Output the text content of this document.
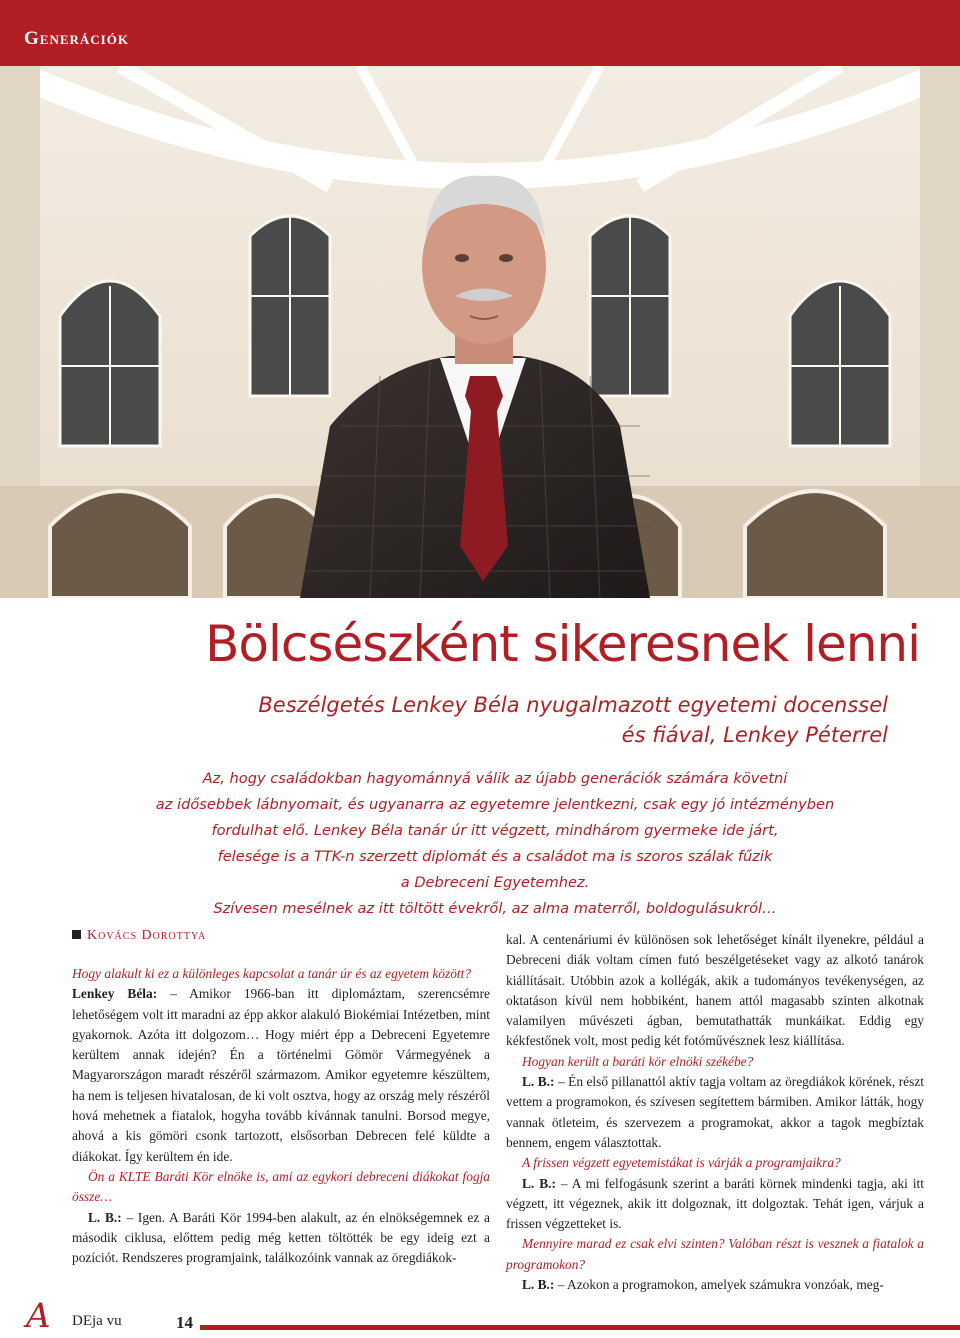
Generációk
Bölcsészként sikeresnek lenni
Beszélgetés Lenkey Béla nyugalmazott egyetemi docenssel
és fiával, Lenkey Péterrel
Az, hogy családokban hagyománnyá válik az újabb generációk számára követni
az idősebbek lábnyomait, és ugyanarra az egyetemre jelentkezni, csak egy jó intézményben
fordulhat elő. Lenkey Béla tanár úr itt végzett, mindhárom gyermeke ide járt,
felesége is a TTK-n szerzett diplomát és a családot ma is szoros szálak fűzik
a Debreceni Egyetemhez.
Szívesen mesélnek az itt töltött évekről, az alma materről, boldogulásukról…
Kovács Dorottya

Hogy alakult ki ez a különleges kapcsolat a tanár úr és az egyetem között?

Lenkey Béla: – Amikor 1966-ban itt diplomáztam, szerencsémre lehetőségem volt itt maradni az épp akkor alakuló Biokémiai Intézetben, mint gyakornok. Azóta itt dolgozom… Hogy miért épp a Debreceni Egyetemre kerültem annak idején? Én a történelmi Gömör Vármegyének a Magyarországon maradt részéről származom. Amikor egyetemre készültem, ha nem is teljesen hivatalosan, de ki volt osztva, hogy az ország mely részéről hová mehetnek a fiatalok, hogyha tovább kívánnak tanulni. Borsod megye, ahová a kis gömöri csonk tartozott, elsősorban Debrecen felé küldte a diákokat. Így kerültem én ide.

Ön a KLTE Baráti Kör elnöke is, ami az egykori debreceni diákokat fogja össze…

L. B.: – Igen. A Baráti Kör 1994-ben alakult, az én elnökségemnek ez a második ciklusa, előttem pedig még ketten töltötték be egy ideig ezt a pozíciót. Rendszeres programjaink, találkozóink vannak az öregdiákok-

kal. A centenáriumi év különösen sok lehetőséget kínált ilyenekre, például a Debreceni diák voltam címen futó beszélgetéseket vagy az alkotó tanárok kiállításait. Utóbbin azok a kollégák, akik a tudományos tevékenységen, az oktatáson kívül nem hobbiként, hanem attól magasabb szinten alkotnak valamilyen művészeti ágban, bemutathatták munkáikat. Eddig egy kékfestőnek volt, most pedig két fotóművésznek lesz kiállítása.

Hogyan került a baráti kör elnöki székébe?

L. B.: – Én első pillanattól aktív tagja voltam az öregdiákok körének, részt vettem a programokon, és szívesen segítettem bármiben. Amikor látták, hogy vannak ötleteim, és szervezem a programokat, akkor a tagok megbíztak bennem, engem választottak.

A frissen végzett egyetemistákat is várják a programjaikra?

L. B.: – A mi felfogásunk szerint a baráti körnek mindenki tagja, aki itt végzett, itt végeznek, akik itt dolgoznak, itt dolgoztak. Tehát igen, várjuk a frissen végzetteket is.

Mennyire marad ez csak elvi szinten? Valóban részt is vesznek a fiatalok a programokon?

L. B.: – Azokon a programokon, amelyek számukra vonzóak, meg-

A DEja vu	14
